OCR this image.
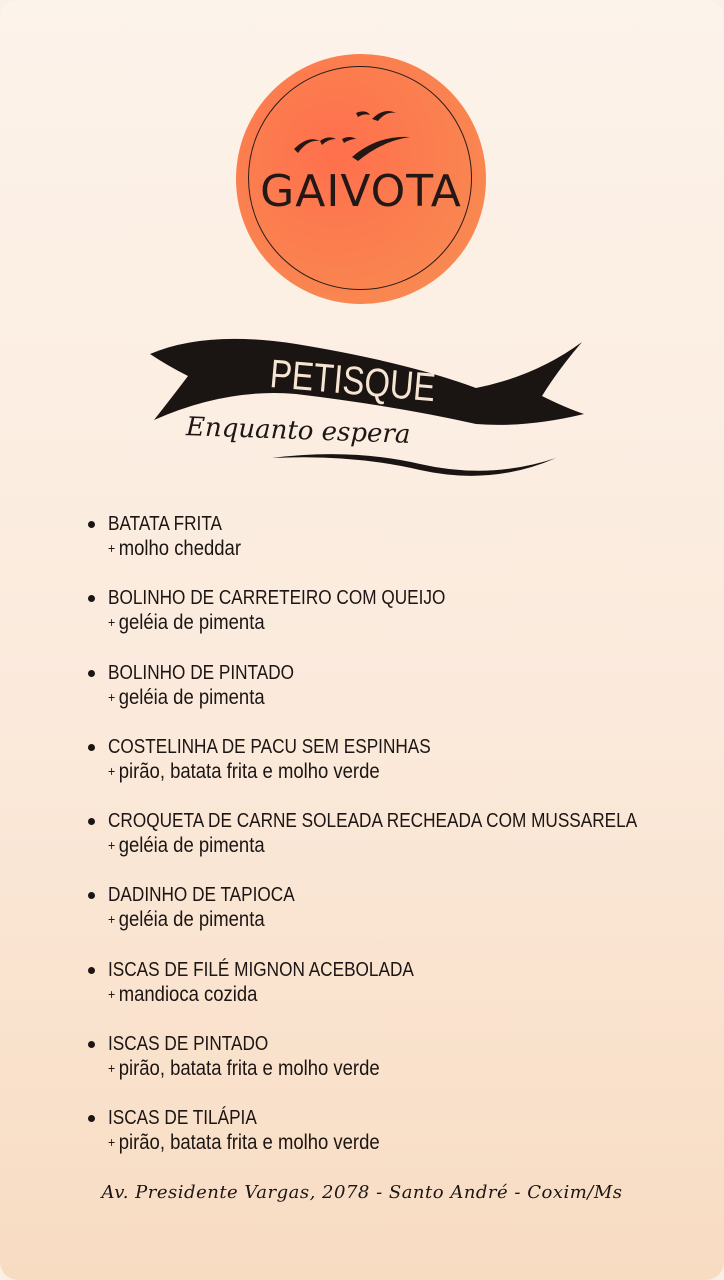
GAIVOTA
PETISQUE
Enquanto espera
BATATA FRITA
+ molho cheddar
BOLINHO DE CARRETEIRO COM QUEIJO
+ geléia de pimenta
BOLINHO DE PINTADO
+ geléia de pimenta
COSTELINHA DE PACU SEM ESPINHAS
+ pirão, batata frita e molho verde
CROQUETA DE CARNE SOLEADA RECHEADA COM MUSSARELA
+ geléia de pimenta
DADINHO DE TAPIOCA
+ geléia de pimenta
ISCAS DE FILÉ MIGNON ACEBOLADA
+ mandioca cozida
ISCAS DE PINTADO
+ pirão, batata frita e molho verde
ISCAS DE TILÁPIA
+ pirão, batata frita e molho verde
Av. Presidente Vargas, 2078 - Santo André - Coxim/Ms
